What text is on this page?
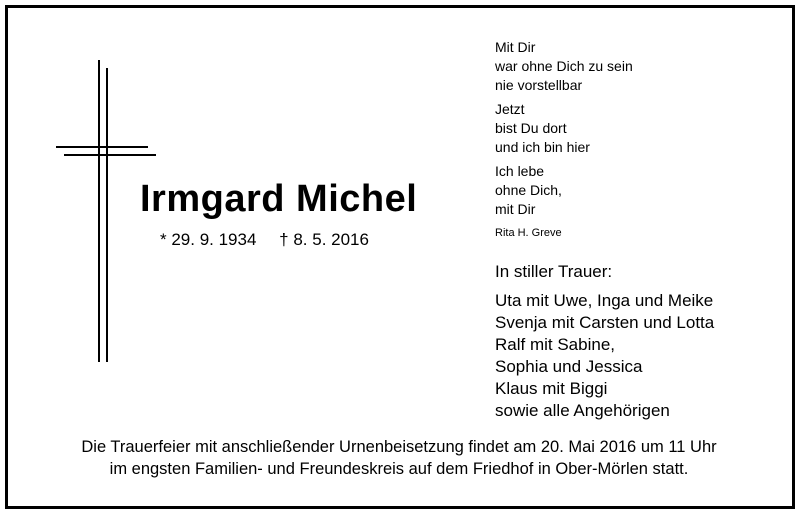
Irmgard Michel
* 29. 9. 1934 † 8. 5. 2016
Mit Dir
war ohne Dich zu sein
nie vorstellbar
Jetzt
bist Du dort
und ich bin hier
Ich lebe
ohne Dich,
mit Dir
Rita H. Greve
In stiller Trauer:
Uta mit Uwe, Inga und Meike
Svenja mit Carsten und Lotta
Ralf mit Sabine,
Sophia und Jessica
Klaus mit Biggi
sowie alle Angehörigen
Die Trauerfeier mit anschließender Urnenbeisetzung findet am 20. Mai 2016 um 11 Uhr
im engsten Familien- und Freundeskreis auf dem Friedhof in Ober-Mörlen statt.
